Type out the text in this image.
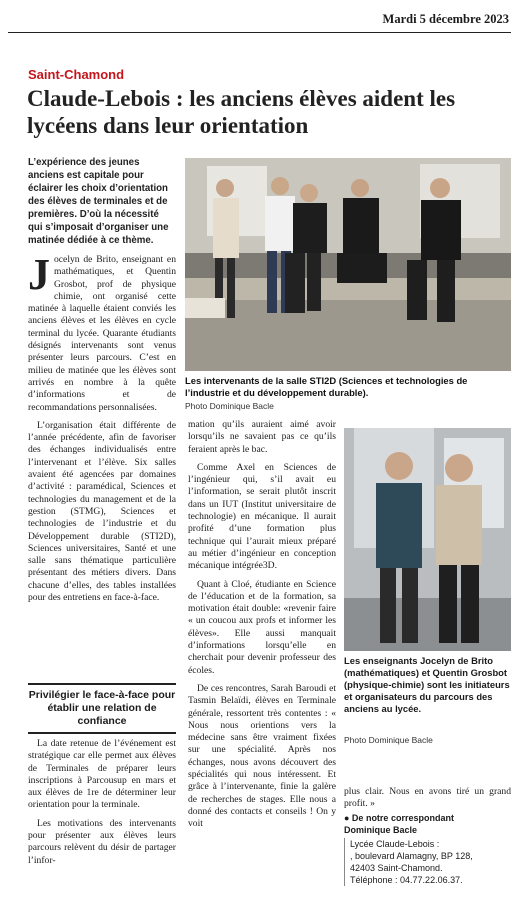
Mardi 5 décembre 2023
Saint-Chamond
Claude-Lebois : les anciens élèves aident les lycéens dans leur orientation
L’expérience des jeunes anciens est capitale pour éclairer les choix d’orientation des élèves de terminales et de premières. D’où la nécessité qui s’imposait d’organiser une matinée dédiée à ce thème.
J ocelyn de Brito, enseignant en mathématiques, et Quentin Grosbot, prof de physique chimie, ont organisé cette matinée à laquelle étaient conviés les anciens élèves et les élèves en cycle terminal du lycée. Quarante étudiants désignés intervenants sont venus présenter leurs parcours. C’est en milieu de matinée que les élèves sont arrivés en nombre à la quête d’informations et de recommandations personnalisées.

L’organisation était différente de l’année précédente, afin de favoriser des échanges individualisés entre l’intervenant et l’élève. Six salles avaient été agencées par domaines d’activité : paramédical, Sciences et technologies du management et de la gestion (STMG), Sciences et technologies de l’industrie et du Développement durable (STI2D), Sciences universitaires, Santé et une salle sans thématique particulière présentant des métiers divers. Dans chacune d’elles, des tables installées pour des entretiens en face-à-face.

Privilégier le face-à-face pour établir une relation de confiance

La date retenue de l’événement est stratégique car elle permet aux élèves de Terminales de préparer leurs inscriptions à Parcousup en mars et aux élèves de 1re de déterminer leur orientation pour la terminale.

Les motivations des intervenants pour présenter aux élèves leurs parcours relèvent du désir de partager l’infor-

Les intervenants de la salle STI2D (Sciences et technologies de l’industrie et du développement durable).
Photo Dominique Bacle

mation qu’ils auraient aimé avoir lorsqu’ils ne savaient pas ce qu’ils feraient après le bac.

Comme Axel en Sciences de l’ingénieur qui, s’il avait eu l’information, se serait plutôt inscrit dans un IUT (Institut universitaire de technologie) en mécanique. Il aurait profité d’une formation plus technique qui l’aurait mieux préparé au métier d’ingénieur en conception mécanique intégrée3D.

Quant à Cloé, étudiante en Science de l’éducation et de la formation, sa motivation était double: «revenir faire « un coucou aux profs et informer les élèves». Elle aussi manquait d’informations lorsqu’elle en cherchait pour devenir professeur des écoles.

De ces rencontres, Sarah Baroudi et Tasmin Belaïdi, élèves en Terminale générale, ressortent très contentes : « Nous nous orientions vers la médecine sans être vraiment fixées sur une spécialité. Après nos échanges, nous avons découvert des spécialités qui nous intéressent. Et grâce à l’intervenante, finie la galère de recherches de stages. Elle nous a donné des contacts et conseils ! On y voit

Les enseignants Jocelyn de Brito (mathématiques) et Quentin Grosbot (physique-chimie) sont les initiateurs et organisateurs du parcours des anciens au lycée.
Photo Dominique Bacle

plus clair. Nous en avons tiré un grand profit. »

● De notre correspondant
Dominique Bacle
Lycée Claude-Lebois :
, boulevard Alamagny, BP 128,
42403 Saint-Chamond.
Téléphone : 04.77.22.06.37.
